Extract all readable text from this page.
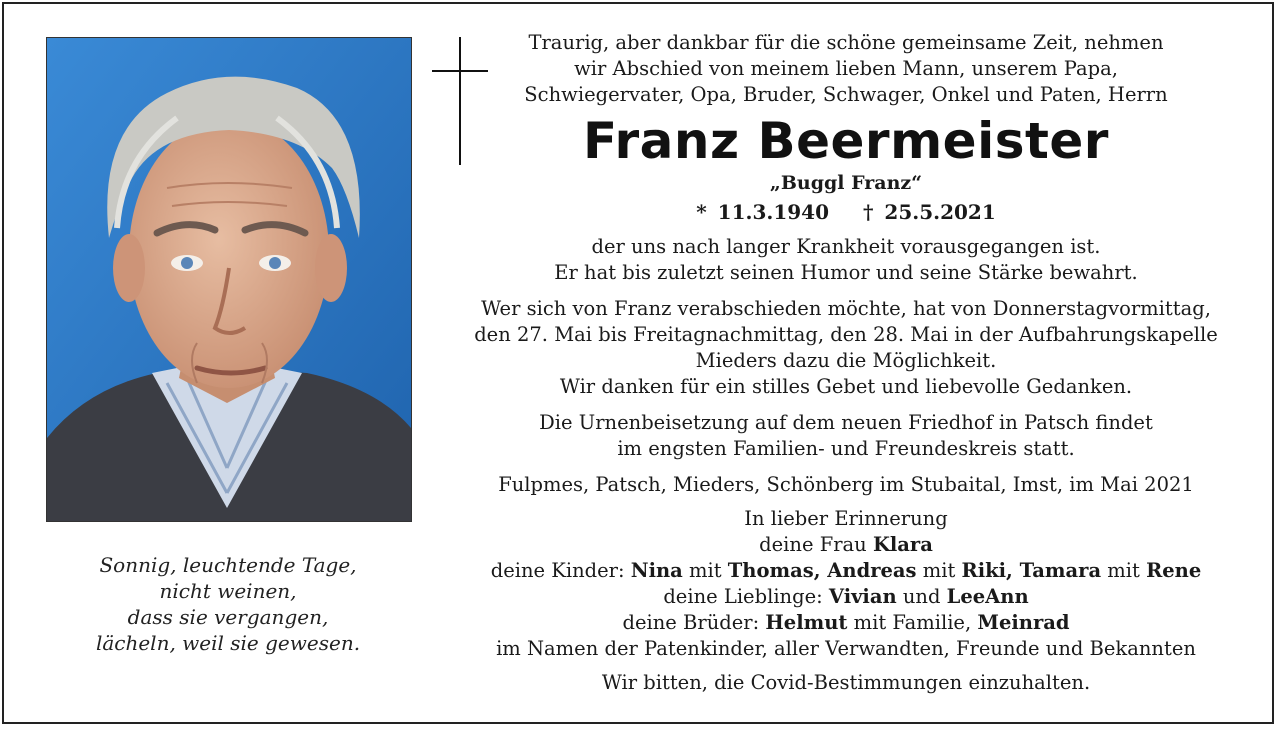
Sonnig, leuchtende Tage,
nicht weinen,
dass sie vergangen,
lächeln, weil sie gewesen.
Traurig, aber dankbar für die schöne gemeinsame Zeit, nehmen
wir Abschied von meinem lieben Mann, unserem Papa,
Schwiegervater, Opa, Bruder, Schwager, Onkel und Paten, Herrn
Franz Beermeister
„Buggl Franz“
* 11.3.1940 † 25.5.2021
der uns nach langer Krankheit vorausgegangen ist.
Er hat bis zuletzt seinen Humor und seine Stärke bewahrt.
Wer sich von Franz verabschieden möchte, hat von Donnerstagvormittag,
den 27. Mai bis Freitagnachmittag, den 28. Mai in der Aufbahrungskapelle
Mieders dazu die Möglichkeit.
Wir danken für ein stilles Gebet und liebevolle Gedanken.
Die Urnenbeisetzung auf dem neuen Friedhof in Patsch findet
im engsten Familien- und Freundeskreis statt.
Fulpmes, Patsch, Mieders, Schönberg im Stubaital, Imst, im Mai 2021
In lieber Erinnerung
deine Frau Klara
deine Kinder: Nina mit Thomas, Andreas mit Riki, Tamara mit Rene
deine Lieblinge: Vivian und LeeAnn
deine Brüder: Helmut mit Familie, Meinrad
im Namen der Patenkinder, aller Verwandten, Freunde und Bekannten
Wir bitten, die Covid-Bestimmungen einzuhalten.
